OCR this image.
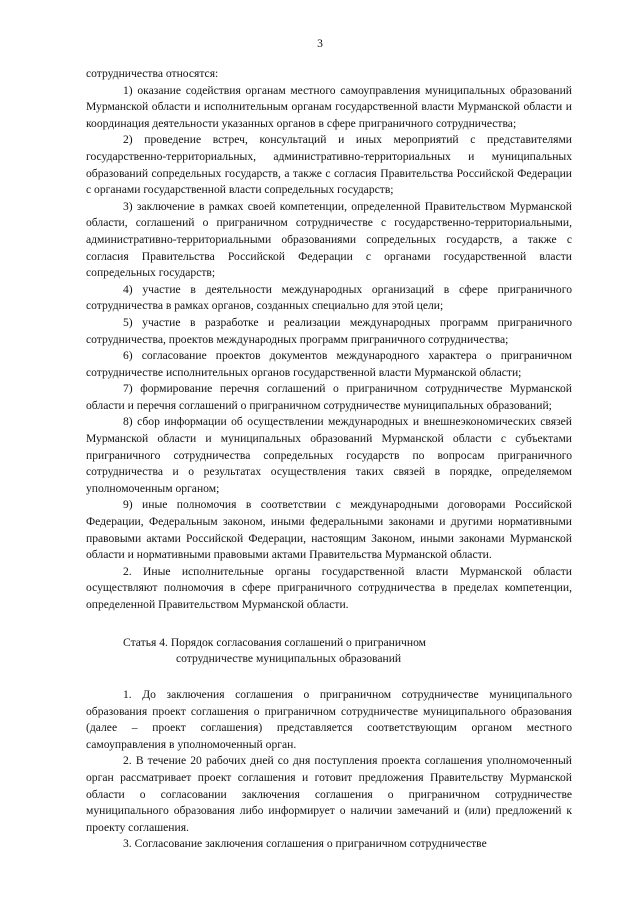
3

сотрудничества относятся:

1) оказание содействия органам местного самоуправления муниципальных образований Мурманской области и исполнительным органам государственной власти Мурманской области и координация деятельности указанных органов в сфере приграничного сотрудничества;

2) проведение встреч, консультаций и иных мероприятий с представителями государственно-территориальных, административно-территориальных и муниципальных образований сопредельных государств, а также с согласия Правительства Российской Федерации с органами государственной власти сопредельных государств;

3) заключение в рамках своей компетенции, определенной Правительством Мурманской области, соглашений о приграничном сотрудничестве с государственно-территориальными, административно-территориальными образованиями сопредельных государств, а также с согласия Правительства Российской Федерации с органами государственной власти сопредельных государств;

4) участие в деятельности международных организаций в сфере приграничного сотрудничества в рамках органов, созданных специально для этой цели;

5) участие в разработке и реализации международных программ приграничного сотрудничества, проектов международных программ приграничного сотрудничества;

6) согласование проектов документов международного характера о приграничном сотрудничестве исполнительных органов государственной власти Мурманской области;

7) формирование перечня соглашений о приграничном сотрудничестве Мурманской области и перечня соглашений о приграничном сотрудничестве муниципальных образований;

8) сбор информации об осуществлении международных и внешнеэкономических связей Мурманской области и муниципальных образований Мурманской области с субъектами приграничного сотрудничества сопредельных государств по вопросам приграничного сотрудничества и о результатах осуществления таких связей в порядке, определяемом уполномоченным органом;

9) иные полномочия в соответствии с международными договорами Российской Федерации, Федеральным законом, иными федеральными законами и другими нормативными правовыми актами Российской Федерации, настоящим Законом, иными законами Мурманской области и нормативными правовыми актами Правительства Мурманской области.

2. Иные исполнительные органы государственной власти Мурманской области осуществляют полномочия в сфере приграничного сотрудничества в пределах компетенции, определенной Правительством Мурманской области.

Статья 4. Порядок согласования соглашений о приграничном
сотрудничестве муниципальных образований

1. До заключения соглашения о приграничном сотрудничестве муниципального образования проект соглашения о приграничном сотрудничестве муниципального образования (далее – проект соглашения) представляется соответствующим органом местного самоуправления в уполномоченный орган.

2. В течение 20 рабочих дней со дня поступления проекта соглашения уполномоченный орган рассматривает проект соглашения и готовит предложения Правительству Мурманской области о согласовании заключения соглашения о приграничном сотрудничестве муниципального образования либо информирует о наличии замечаний и (или) предложений к проекту соглашения.

3. Согласование заключения соглашения о приграничном сотрудничестве
